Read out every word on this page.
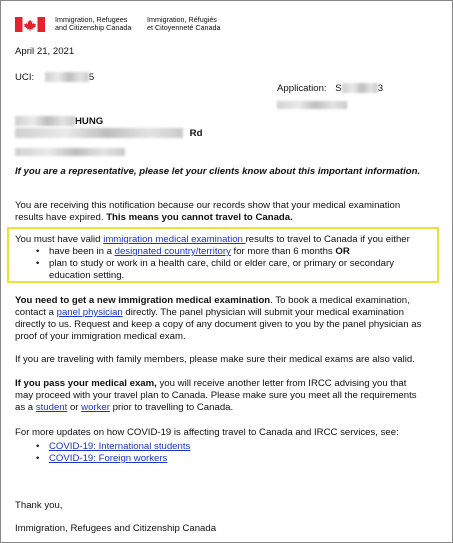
Immigration, Refugees
and Citizenship Canada
Immigration, Réfugiés
et Citoyenneté Canada
April 21, 2021
UCI:	5
Application: S	3
HUNG
Rd
If you are a representative, please let your clients know about this important information.
You are receiving this notification because our records show that your medical examination
results have expired. This means you cannot travel to Canada.
You must have valid immigration medical examination results to travel to Canada if you either
• have been in a designated country/territory for more than 6 months OR
• plan to study or work in a health care, child or elder care, or primary or secondary
education setting.
You need to get a new immigration medical examination. To book a medical examination,
contact a panel physician directly. The panel physician will submit your medical examination
directly to us. Request and keep a copy of any document given to you by the panel physician as
proof of your immigration medical exam.
If you are traveling with family members, please make sure their medical exams are also valid.
If you pass your medical exam, you will receive another letter from IRCC advising you that
may proceed with your travel plan to Canada. Please make sure you meet all the requirements
as a student or worker prior to travelling to Canada.
For more updates on how COVID-19 is affecting travel to Canada and IRCC services, see:
• COVID-19: International students
• COVID-19: Foreign workers
Thank you,
Immigration, Refugees and Citizenship Canada
